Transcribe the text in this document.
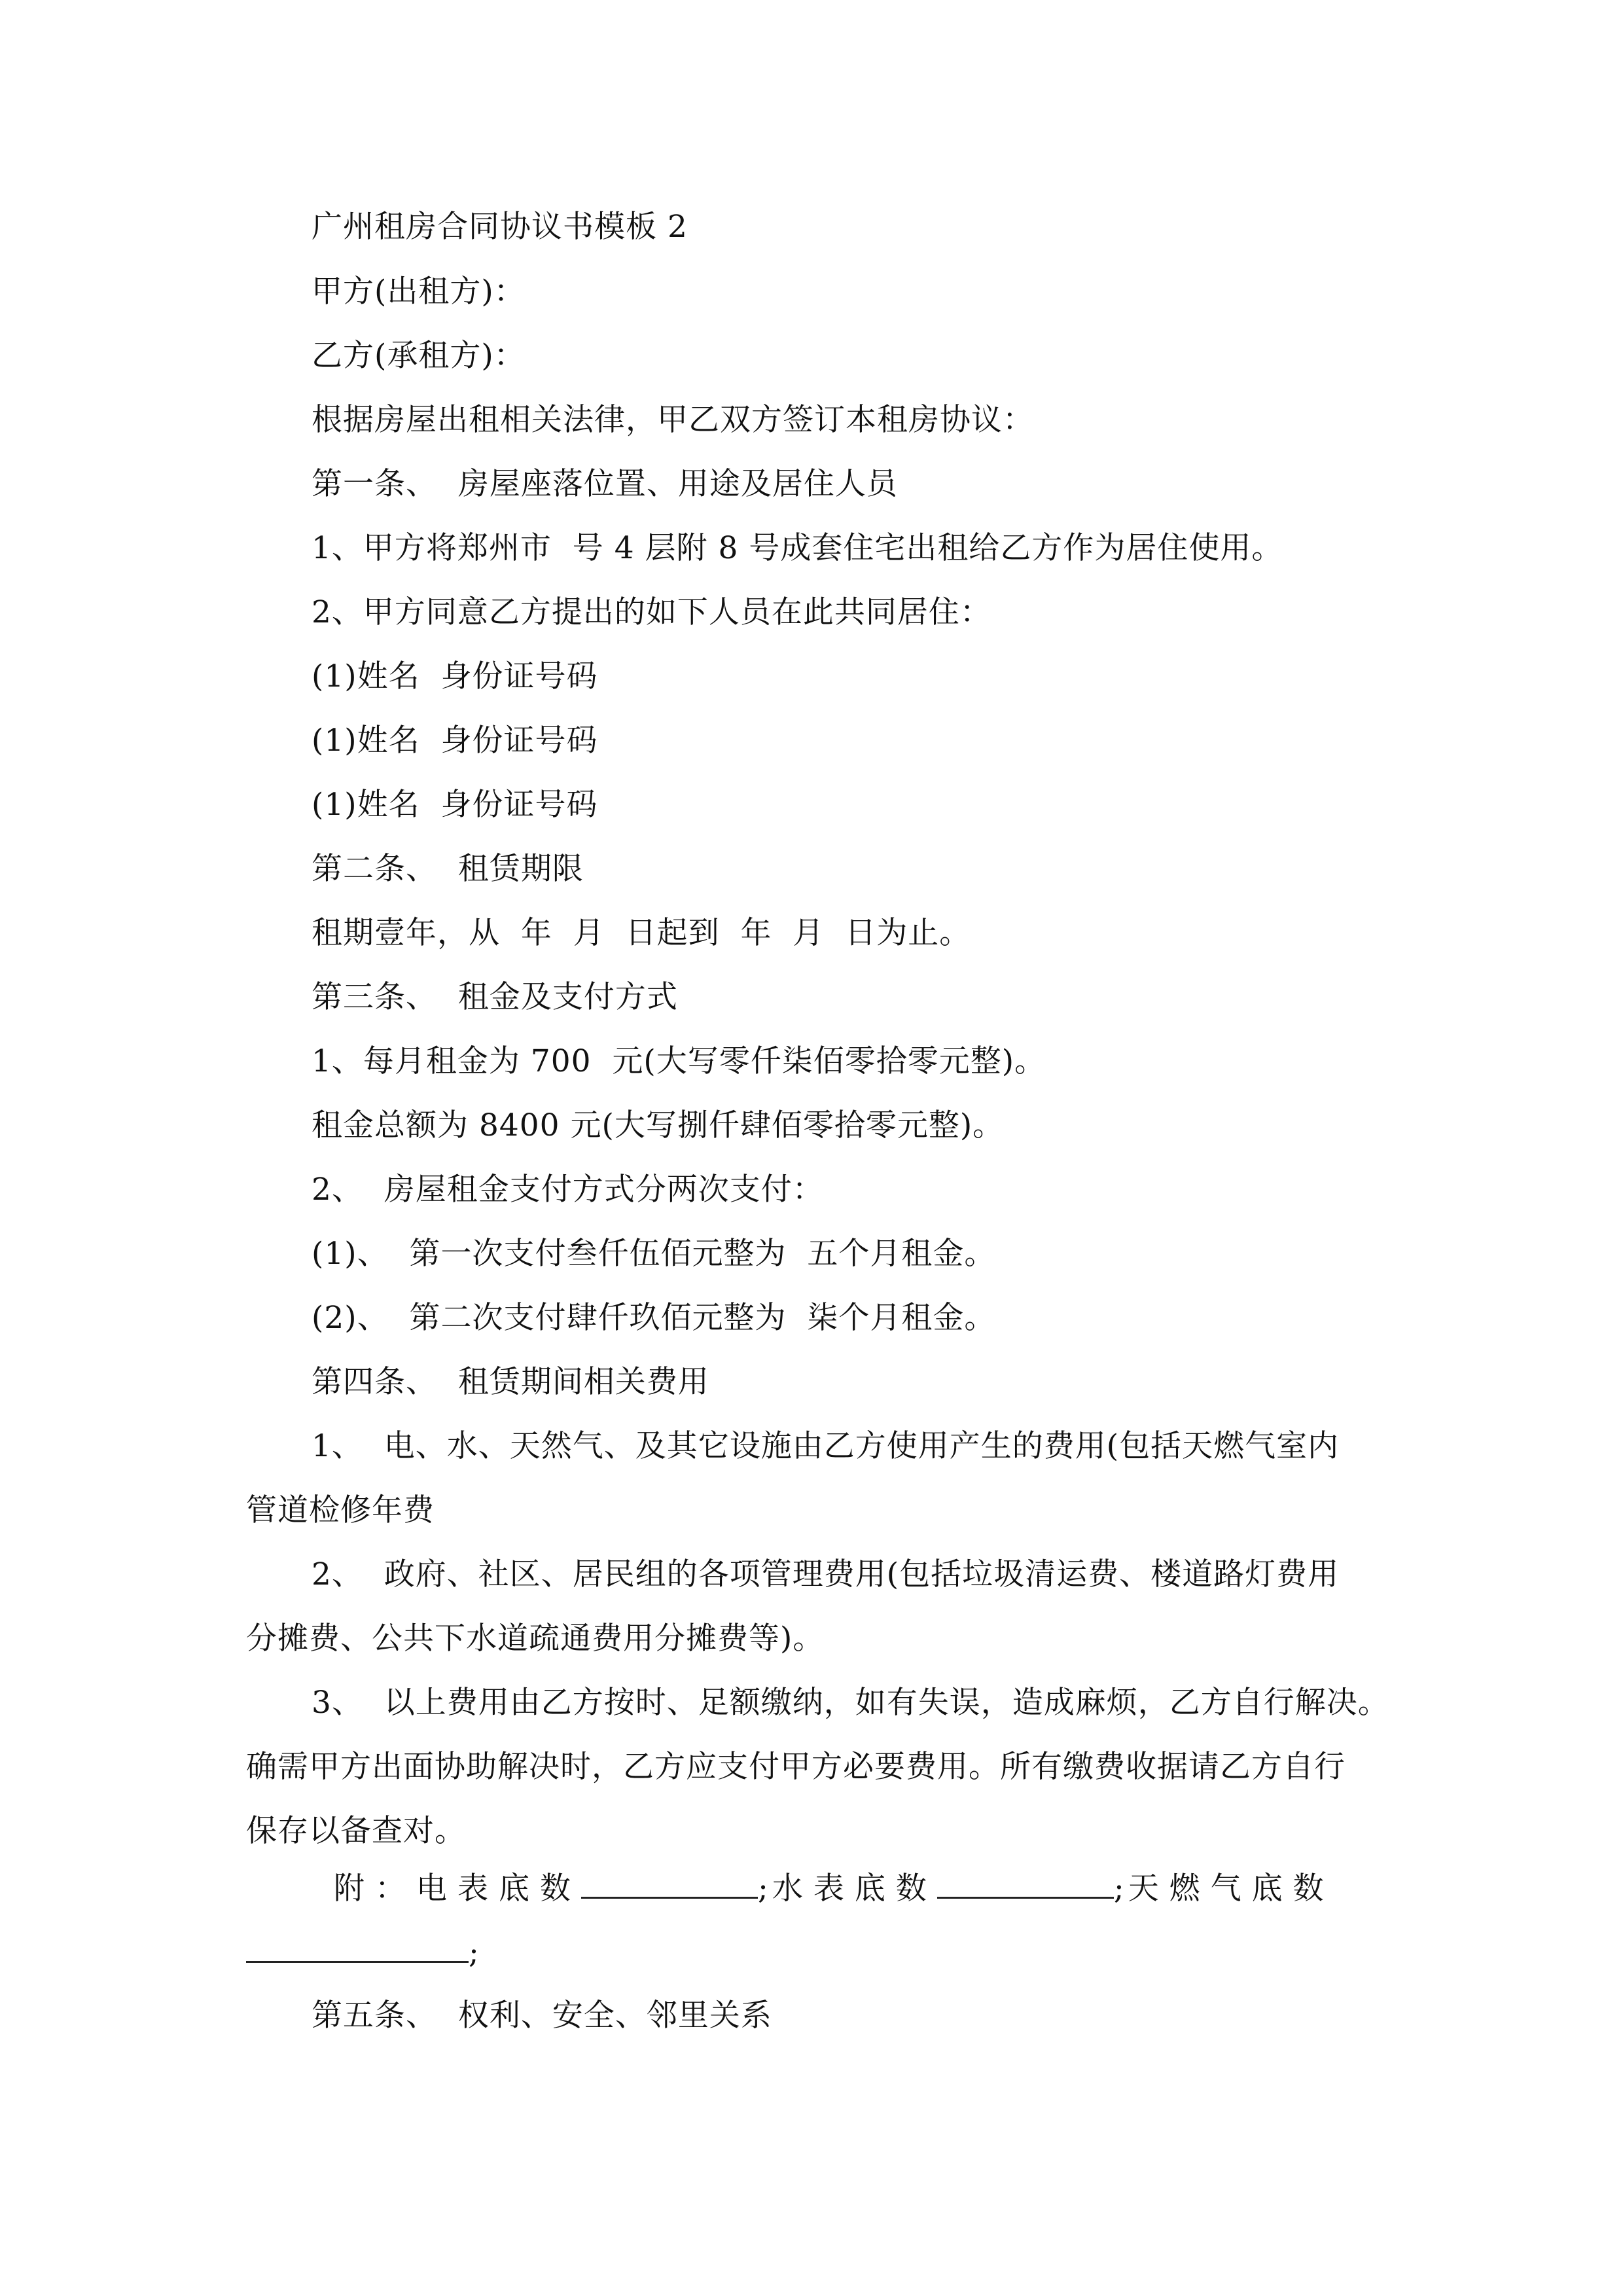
广州租房合同协议书模板 2
甲方(出租方)：
乙方(承租方)：
根据房屋出租相关法律，甲乙双方签订本租房协议：
第一条、  房屋座落位置、用途及居住人员
1、甲方将郑州市  号 4 层附 8 号成套住宅出租给乙方作为居住使用。
2、甲方同意乙方提出的如下人员在此共同居住：
(1)姓名  身份证号码
(1)姓名  身份证号码
(1)姓名  身份证号码
第二条、  租赁期限
租期壹年，从  年  月  日起到  年  月  日为止。
第三条、  租金及支付方式
1、每月租金为 700  元(大写零仟柒佰零拾零元整)。
租金总额为 8400 元(大写捌仟肆佰零拾零元整)。
2、  房屋租金支付方式分两次支付：
(1)、  第一次支付叁仟伍佰元整为  五个月租金。
(2)、  第二次支付肆仟玖佰元整为  柒个月租金。
第四条、  租赁期间相关费用
1、  电、水、天然气、及其它设施由乙方使用产生的费用(包括天燃气室内
管道检修年费
2、  政府、社区、居民组的各项管理费用(包括垃圾清运费、楼道路灯费用
分摊费、公共下水道疏通费用分摊费等)。
3、  以上费用由乙方按时、足额缴纳，如有失误，造成麻烦，乙方自行解决。
确需甲方出面协助解决时，乙方应支付甲方必要费用。所有缴费收据请乙方自行
保存以备查对。
附：电表底数	; 水表底数	; 天燃气底数
;
第五条、  权利、安全、邻里关系
